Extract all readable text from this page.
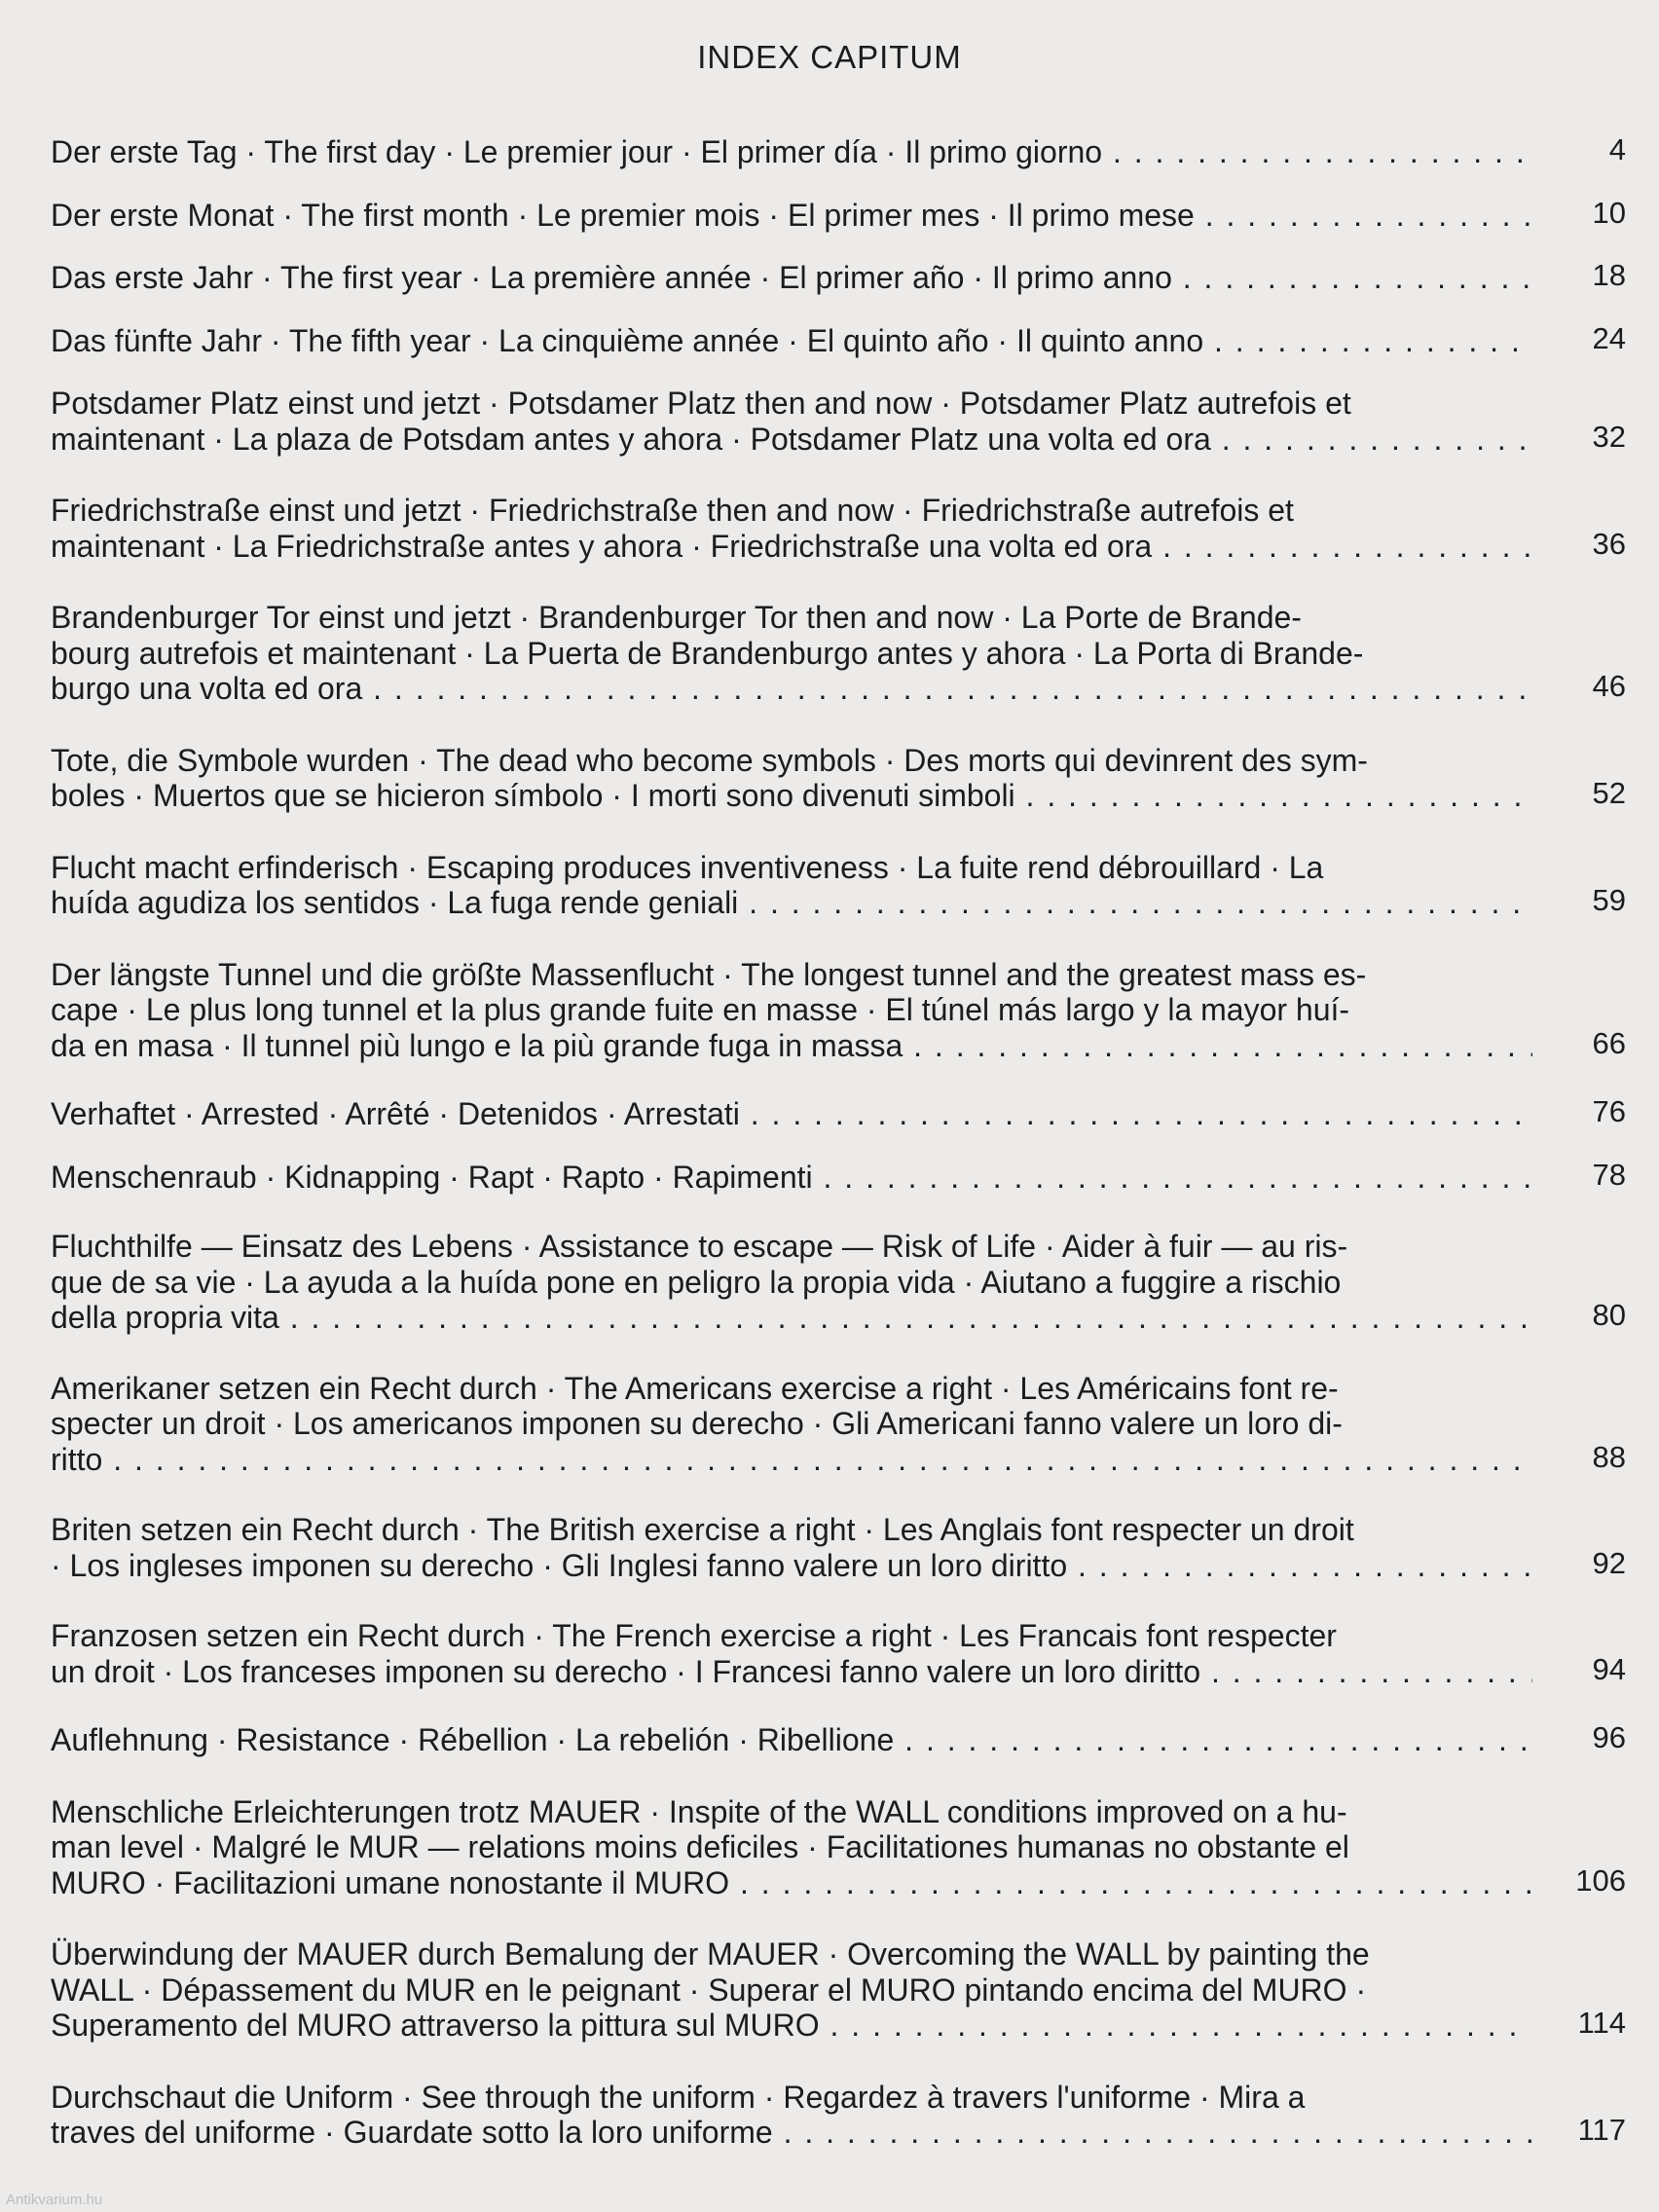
INDEX CAPITUM
Der erste Tag · The first day · Le premier jour · El primer día · Il primo giorno . . .	4
Der erste Monat · The first month · Le premier mois · El primer mes · Il primo mese . . .	10
Das erste Jahr · The first year · La première année · El primer año · Il primo anno . . .	18
Das fünfte Jahr · The fifth year · La cinquième année · El quinto año · Il quinto anno . . .	24
Potsdamer Platz einst und jetzt · Potsdamer Platz then and now · Potsdamer Platz autrefois et
maintenant · La plaza de Potsdam antes y ahora · Potsdamer Platz una volta ed ora . . .	32
Friedrichstraße einst und jetzt · Friedrichstraße then and now · Friedrichstraße autrefois et
maintenant · La Friedrichstraße antes y ahora · Friedrichstraße una volta ed ora . . .	36
Brandenburger Tor einst und jetzt · Brandenburger Tor then and now · La Porte de Brande-
bourg autrefois et maintenant · La Puerta de Brandenburgo antes y ahora · La Porta di Brande-
burgo una volta ed ora . . .	46
Tote, die Symbole wurden · The dead who become symbols · Des morts qui devinrent des sym-
boles · Muertos que se hicieron símbolo · I morti sono divenuti simboli . . .	52
Flucht macht erfinderisch · Escaping produces inventiveness · La fuite rend débrouillard · La
huída agudiza los sentidos · La fuga rende geniali . . .	59
Der längste Tunnel und die größte Massenflucht · The longest tunnel and the greatest mass es-
cape · Le plus long tunnel et la plus grande fuite en masse · El túnel más largo y la mayor huí-
da en masa · Il tunnel più lungo e la più grande fuga in massa . . .	66
Verhaftet · Arrested · Arrêté · Detenidos · Arrestati . . .	76
Menschenraub · Kidnapping · Rapt · Rapto · Rapimenti . . .	78
Fluchthilfe — Einsatz des Lebens · Assistance to escape — Risk of Life · Aider à fuir — au ris-
que de sa vie · La ayuda a la huída pone en peligro la propia vida · Aiutano a fuggire a rischio
della propria vita . . .	80
Amerikaner setzen ein Recht durch · The Americans exercise a right · Les Américains font re-
specter un droit · Los americanos imponen su derecho · Gli Americani fanno valere un loro di-
ritto . . .	88
Briten setzen ein Recht durch · The British exercise a right · Les Anglais font respecter un droit
· Los ingleses imponen su derecho · Gli Inglesi fanno valere un loro diritto . . .	92
Franzosen setzen ein Recht durch · The French exercise a right · Les Francais font respecter
un droit · Los franceses imponen su derecho · I Francesi fanno valere un loro diritto . . .	94
Auflehnung · Resistance · Rébellion · La rebelión · Ribellione . . .	96
Menschliche Erleichterungen trotz MAUER · Inspite of the WALL conditions improved on a hu-
man level · Malgré le MUR — relations moins deficiles · Facilitationes humanas no obstante el
MURO · Facilitazioni umane nonostante il MURO . . .	106
Überwindung der MAUER durch Bemalung der MAUER · Overcoming the WALL by painting the
WALL · Dépassement du MUR en le peignant · Superar el MURO pintando encima del MURO ·
Superamento del MURO attraverso la pittura sul MURO . . .	114
Durchschaut die Uniform · See through the uniform · Regardez à travers l'uniforme · Mira a
traves del uniforme · Guardate sotto la loro uniforme . . .	117
Antikvarium.hu
